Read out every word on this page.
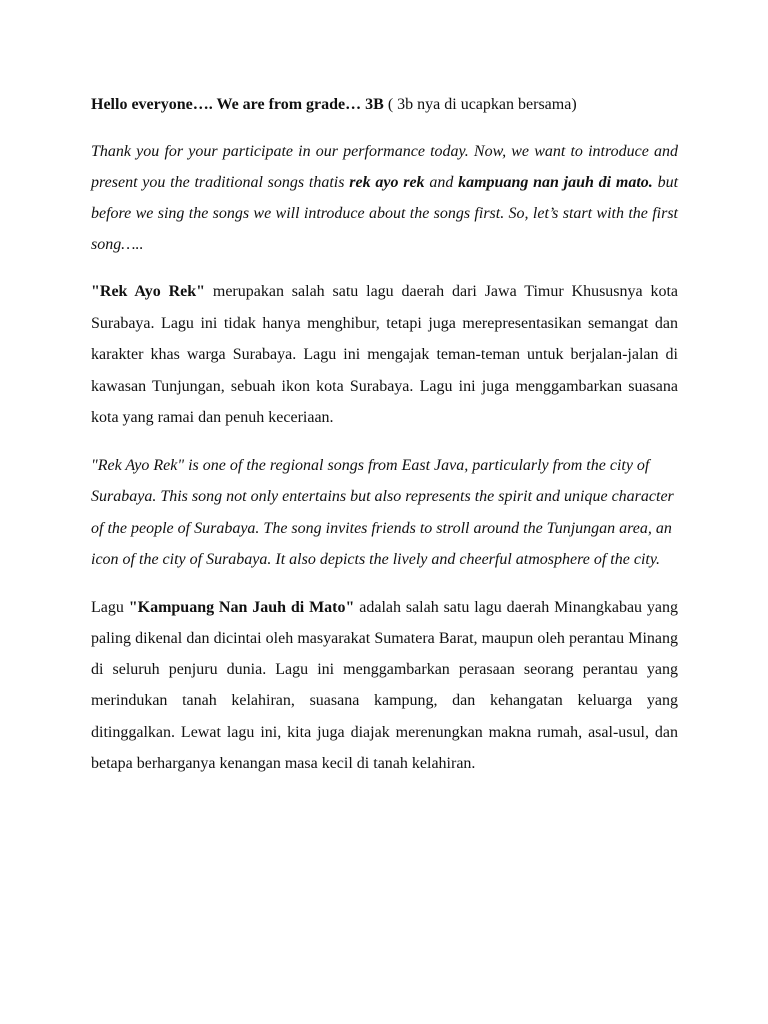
Hello everyone…. We are from grade… 3B ( 3b nya di ucapkan bersama)

Thank you for your participate in our performance today. Now, we want to introduce and present you the traditional songs thatis rek ayo rek and kampuang nan jauh di mato. but before we sing the songs we will introduce about the songs first. So, let’s start with the first song…..

"Rek Ayo Rek" merupakan salah satu lagu daerah dari Jawa Timur Khususnya kota Surabaya. Lagu ini tidak hanya menghibur, tetapi juga merepresentasikan semangat dan karakter khas warga Surabaya. Lagu ini mengajak teman-teman untuk berjalan-jalan di kawasan Tunjungan, sebuah ikon kota Surabaya. Lagu ini juga menggambarkan suasana kota yang ramai dan penuh keceriaan.

"Rek Ayo Rek" is one of the regional songs from East Java, particularly from the city of Surabaya. This song not only entertains but also represents the spirit and unique character of the people of Surabaya. The song invites friends to stroll around the Tunjungan area, an icon of the city of Surabaya. It also depicts the lively and cheerful atmosphere of the city.

Lagu "Kampuang Nan Jauh di Mato" adalah salah satu lagu daerah Minangkabau yang paling dikenal dan dicintai oleh masyarakat Sumatera Barat, maupun oleh perantau Minang di seluruh penjuru dunia. Lagu ini menggambarkan perasaan seorang perantau yang merindukan tanah kelahiran, suasana kampung, dan kehangatan keluarga yang ditinggalkan. Lewat lagu ini, kita juga diajak merenungkan makna rumah, asal-usul, dan betapa berharganya kenangan masa kecil di tanah kelahiran.
